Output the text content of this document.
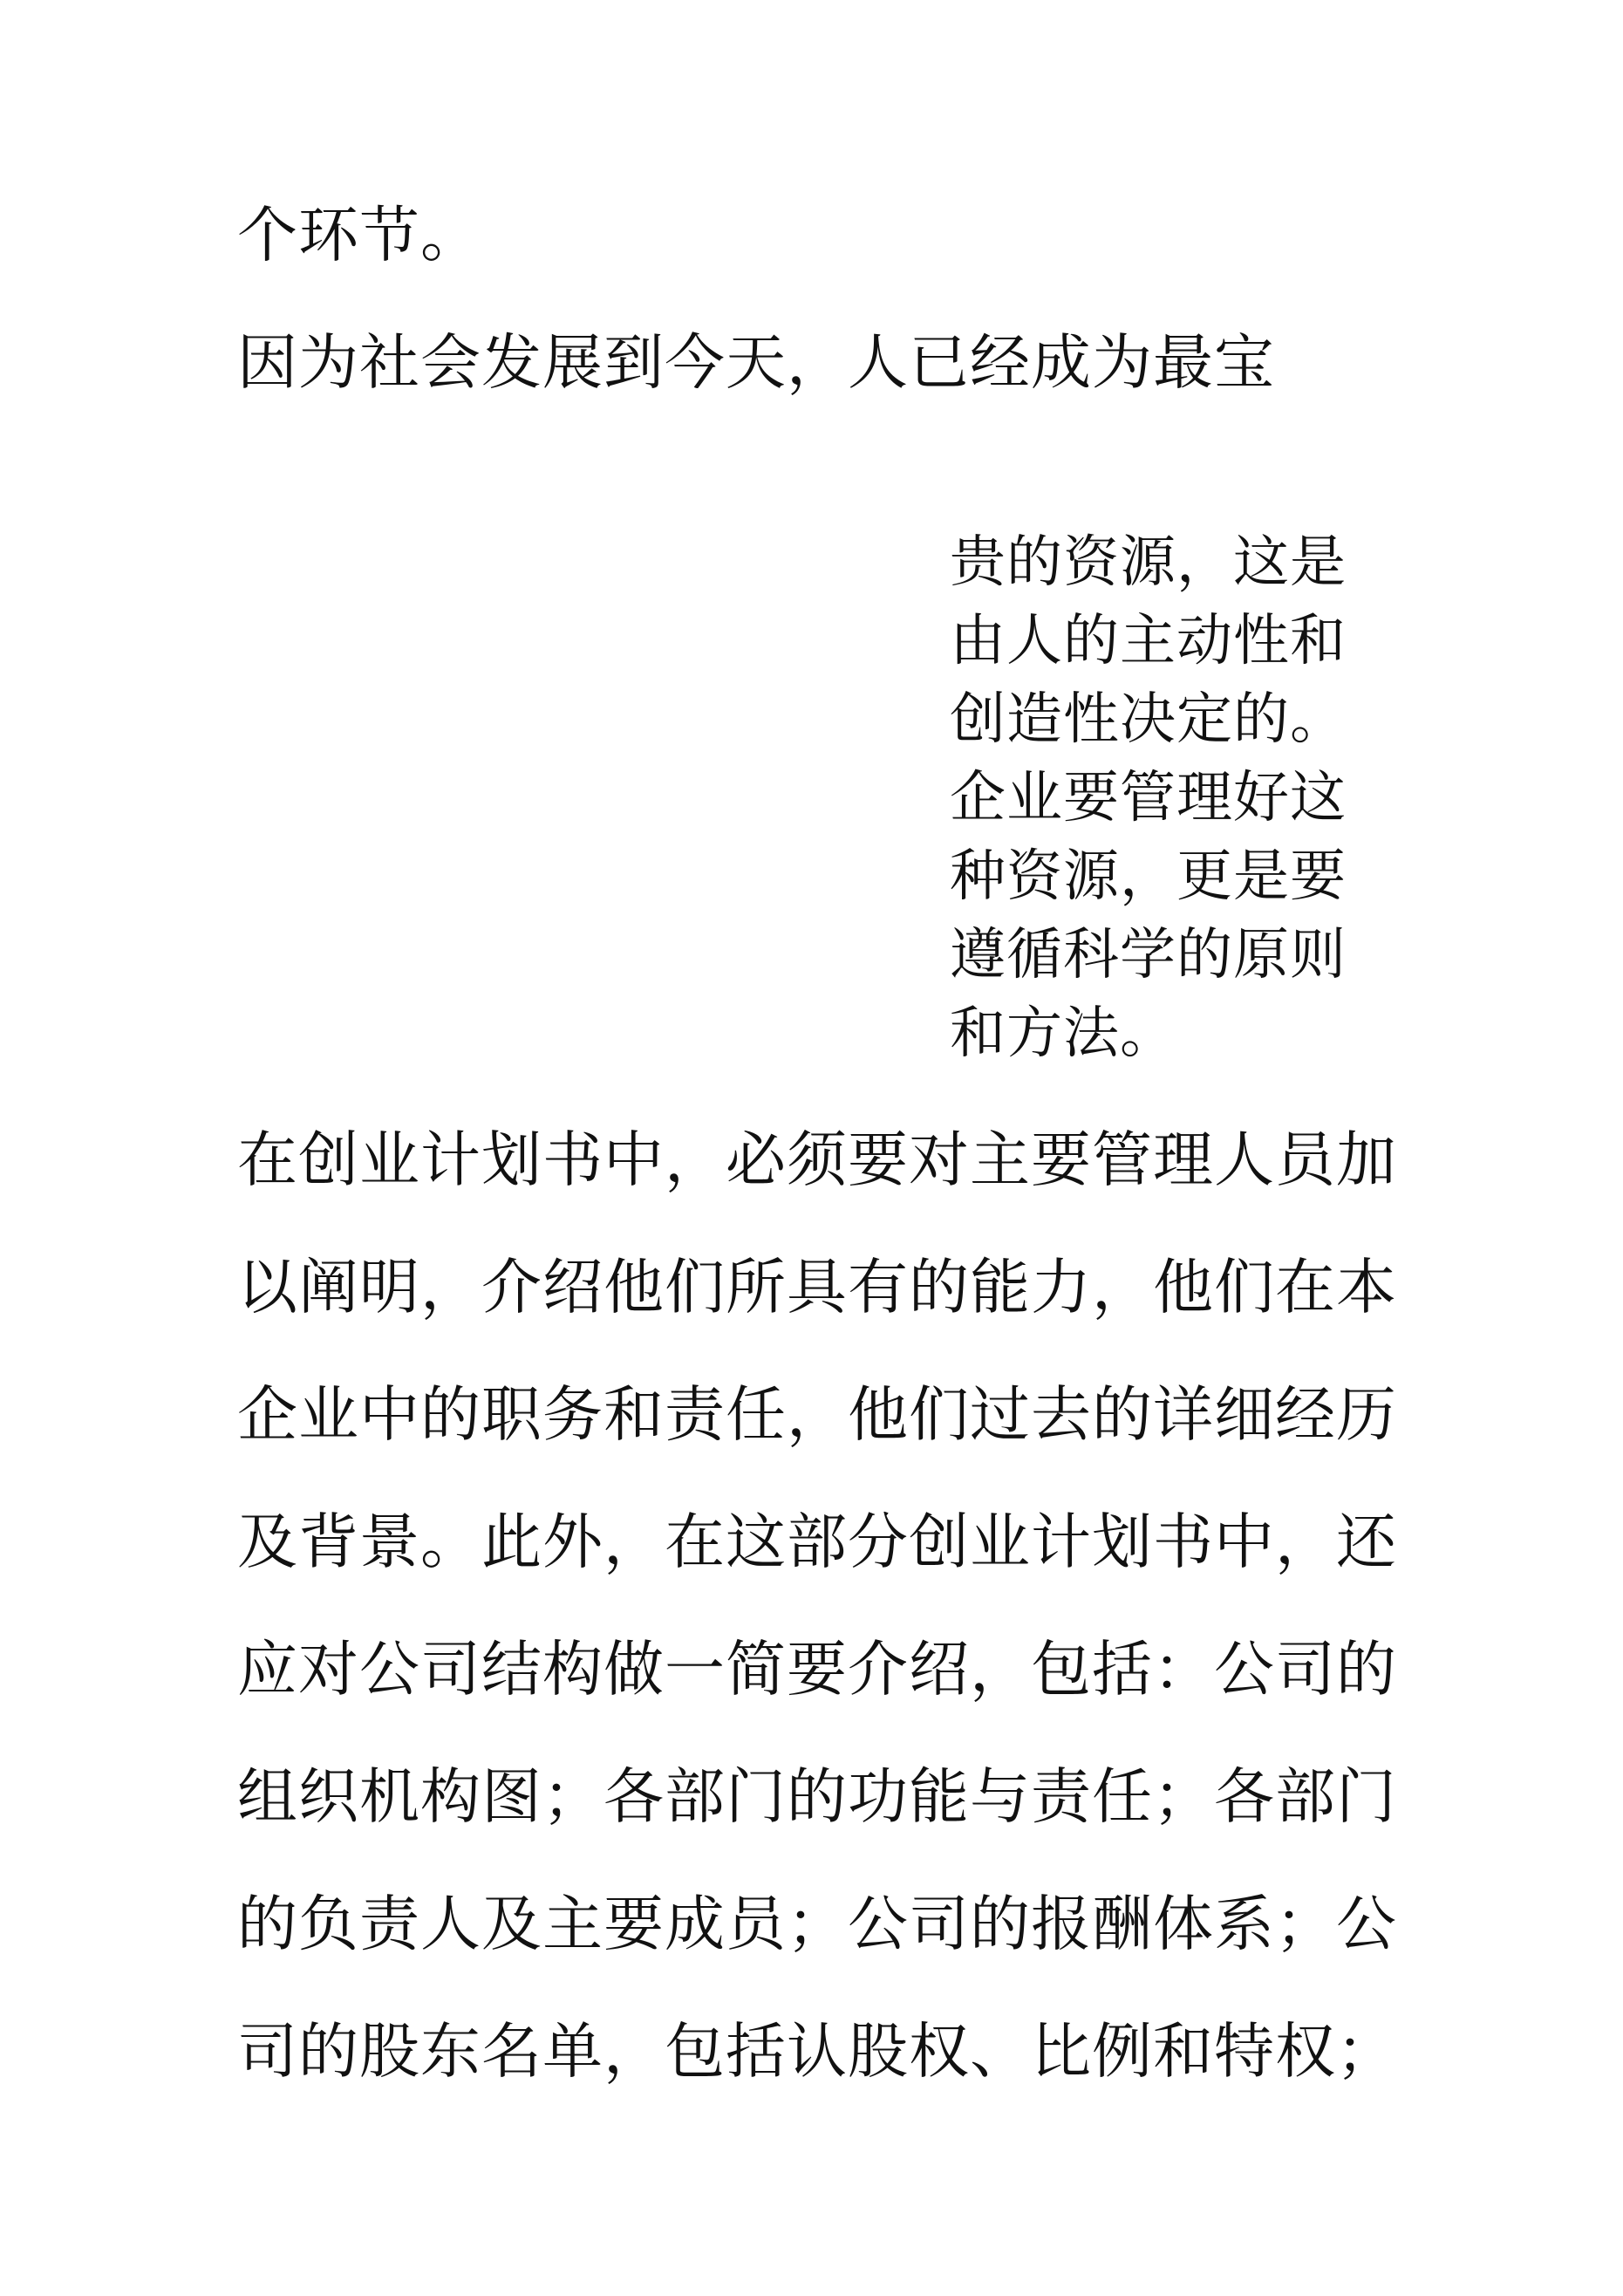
个环节。

因为社会发展到今天，人已经成为最宝

贵的资源，这是

由人的主动性和

创造性决定的。

企业要管理好这

种资源，更是要

遵循科学的原则

和方法。

在创业计划书中，必须要对主要管理人员加

以阐明，介绍他们所具有的能力，他们在本

企业中的职务和责任，他们过去的详细经历

及背景。此外，在这部分创业计划书中，还

应对公司结构做一简要介绍，包括：公司的

组织机构图；各部门的功能与责任；各部门

的负责人及主要成员；公司的报酬体系；公

司的股东名单，包括认股权、比例和特权；
